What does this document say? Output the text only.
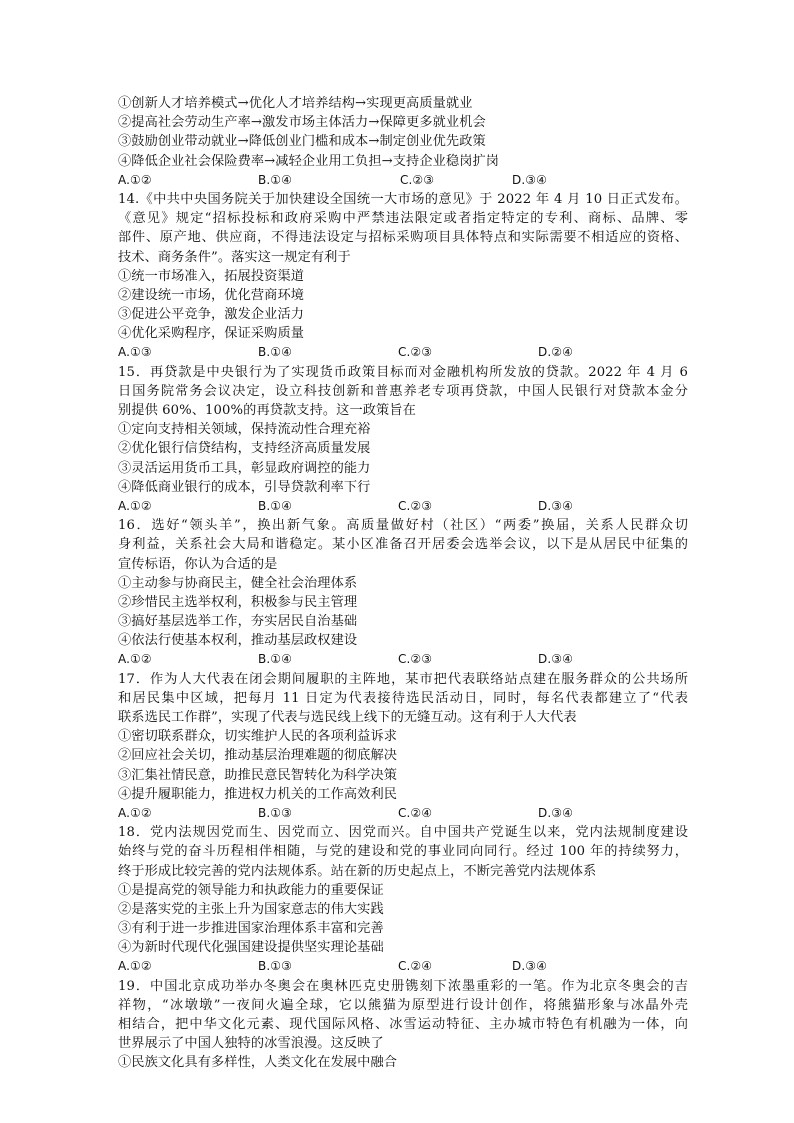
①创新人才培养模式→优化人才培养结构→实现更高质量就业
②提高社会劳动生产率→激发市场主体活力→保障更多就业机会
③鼓励创业带动就业→降低创业门槛和成本→制定创业优先政策
④降低企业社会保险费率→减轻企业用工负担→支持企业稳岗扩岗
A.①②	B.①④	C.②③	D.③④
14.《中共中央国务院关于加快建设全国统一大市场的意见》于 2022 年 4 月 10 日正式发布。
《意见》规定“招标投标和政府采购中严禁违法限定或者指定特定的专利、商标、品牌、零
部件、原产地、供应商，不得违法设定与招标采购项目具体特点和实际需要不相适应的资格、
技术、商务条件”。落实这一规定有利于
①统一市场准入，拓展投资渠道
②建设统一市场，优化营商环境
③促进公平竞争，激发企业活力
④优化采购程序，保证采购质量
A.①③	B.①④	C.②③	D.②④
15．再贷款是中央银行为了实现货币政策目标而对金融机构所发放的贷款。2022 年 4 月 6
日国务院常务会议决定，设立科技创新和普惠养老专项再贷款，中国人民银行对贷款本金分
别提供 60%、100%的再贷款支持。这一政策旨在
①定向支持相关领域，保持流动性合理充裕
②优化银行信贷结构，支持经济高质量发展
③灵活运用货币工具，彰显政府调控的能力
④降低商业银行的成本，引导贷款利率下行
A.①②	B.①④	C.②③	D.③④
16．选好“领头羊”，换出新气象。高质量做好村（社区）“两委”换届，关系人民群众切
身利益，关系社会大局和谐稳定。某小区准备召开居委会选举会议，以下是从居民中征集的
宣传标语，你认为合适的是
①主动参与协商民主，健全社会治理体系
②珍惜民主选举权利，积极参与民主管理
③搞好基层选举工作，夯实居民自治基础
④依法行使基本权利，推动基层政权建设
A.①②	B.①④	C.②③	D.③④
17．作为人大代表在闭会期间履职的主阵地，某市把代表联络站点建在服务群众的公共场所
和居民集中区域，把每月 11 日定为代表接待选民活动日，同时，每名代表都建立了“代表
联系选民工作群”，实现了代表与选民线上线下的无缝互动。这有利于人大代表
①密切联系群众，切实维护人民的各项利益诉求
②回应社会关切，推动基层治理难题的彻底解决
③汇集社情民意，助推民意民智转化为科学决策
④提升履职能力，推进权力机关的工作高效利民
A.①②	B.①③	C.②④	D.③④
18．党内法规因党而生、因党而立、因党而兴。自中国共产党诞生以来，党内法规制度建设
始终与党的奋斗历程相伴相随，与党的建设和党的事业同向同行。经过 100 年的持续努力，
终于形成比较完善的党内法规体系。站在新的历史起点上，不断完善党内法规体系
①是提高党的领导能力和执政能力的重要保证
②是落实党的主张上升为国家意志的伟大实践
③有利于进一步推进国家治理体系丰富和完善
④为新时代现代化强国建设提供坚实理论基础
A.①②	B.①③	C.②④	D.③④
19．中国北京成功举办冬奥会在奥林匹克史册镌刻下浓墨重彩的一笔。作为北京冬奥会的吉
祥物，“冰墩墩”一夜间火遍全球，它以熊猫为原型进行设计创作，将熊猫形象与冰晶外壳
相结合，把中华文化元素、现代国际风格、冰雪运动特征、主办城市特色有机融为一体，向
世界展示了中国人独特的冰雪浪漫。这反映了
①民族文化具有多样性，人类文化在发展中融合
